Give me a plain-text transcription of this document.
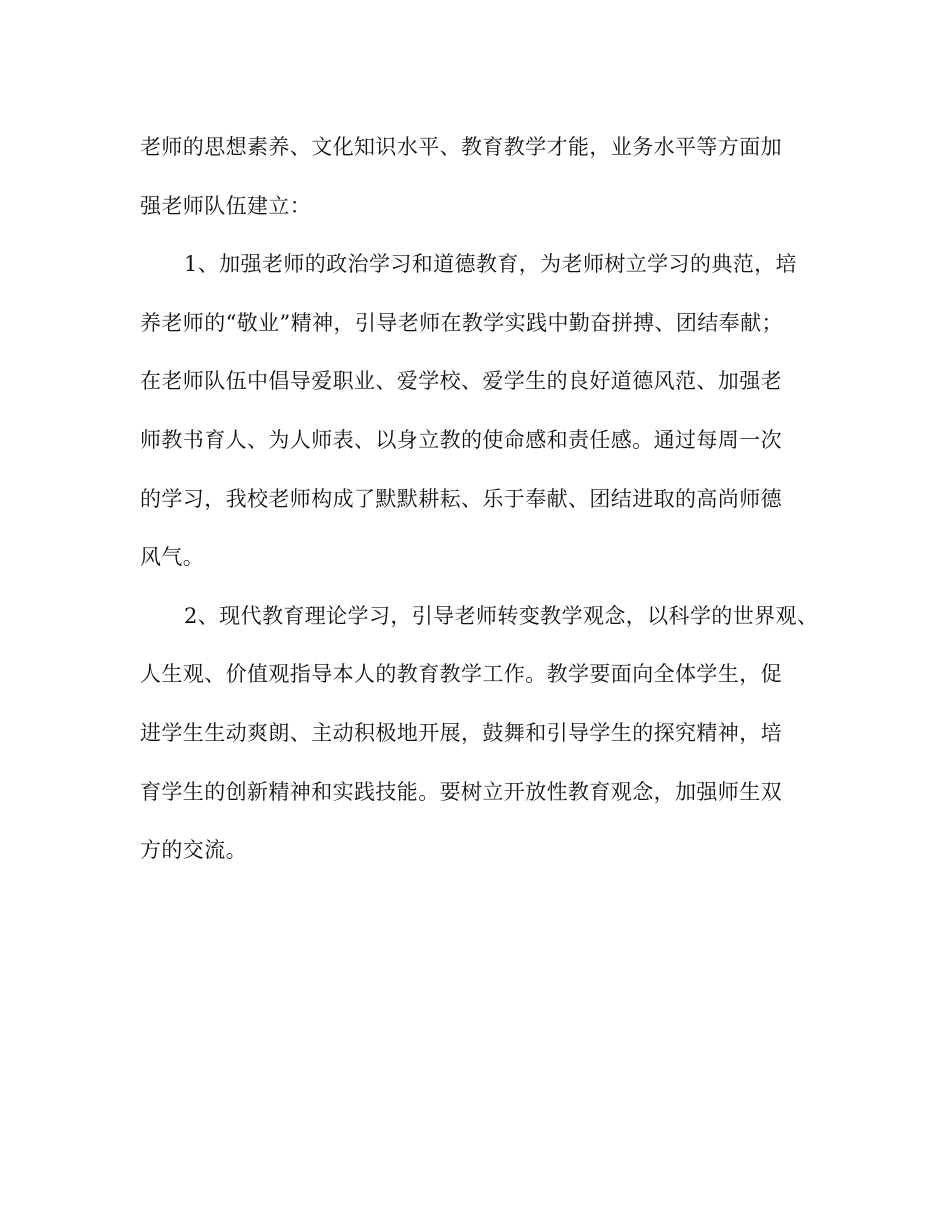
老师的思想素养、文化知识水平、教育教学才能，业务水平等方面加
强老师队伍建立：
1、加强老师的政治学习和道德教育，为老师树立学习的典范，培
养老师的“敬业”精神，引导老师在教学实践中勤奋拼搏、团结奉献；
在老师队伍中倡导爱职业、爱学校、爱学生的良好道德风范、加强老
师教书育人、为人师表、以身立教的使命感和责任感。通过每周一次
的学习，我校老师构成了默默耕耘、乐于奉献、团结进取的高尚师德
风气。
2、现代教育理论学习，引导老师转变教学观念，以科学的世界观、
人生观、价值观指导本人的教育教学工作。教学要面向全体学生，促
进学生生动爽朗、主动积极地开展，鼓舞和引导学生的探究精神，培
育学生的创新精神和实践技能。要树立开放性教育观念，加强师生双
方的交流。
